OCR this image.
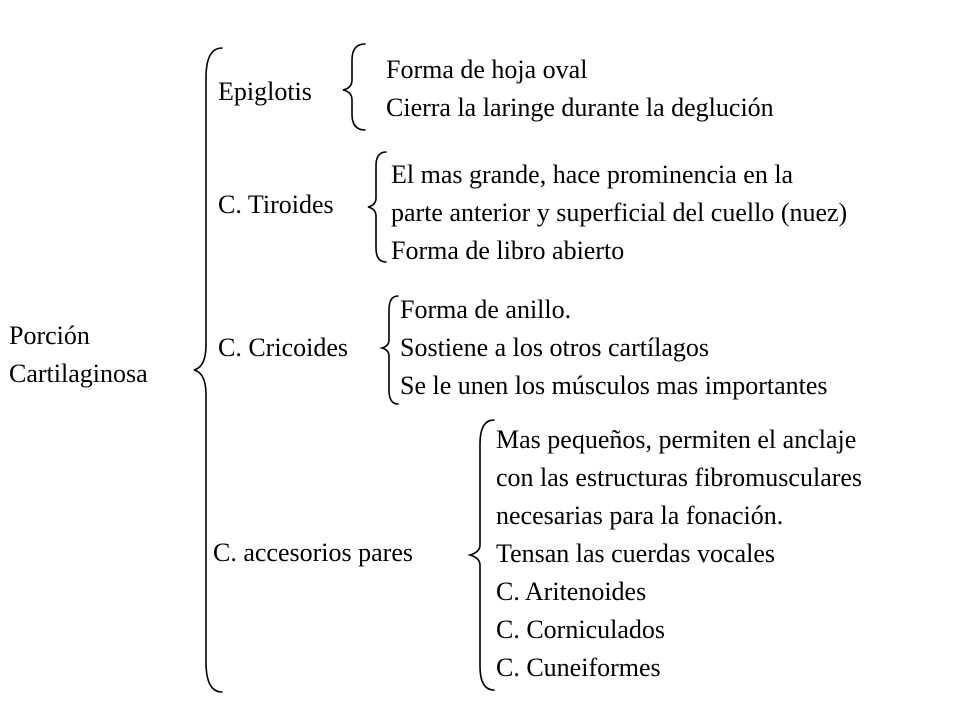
Porción
Cartilaginosa
Epiglotis
Forma de hoja oval
Cierra la laringe durante la deglución
C. Tiroides
El mas grande, hace prominencia en la
parte anterior y superficial del cuello (nuez)
Forma de libro abierto
C. Cricoides
Forma de anillo.
Sostiene a los otros cartílagos
Se le unen los músculos mas importantes
C. accesorios pares
Mas pequeños, permiten el anclaje
con las estructuras fibromusculares
necesarias para la fonación.
Tensan las cuerdas vocales
C. Aritenoides
C. Corniculados
C. Cuneiformes
